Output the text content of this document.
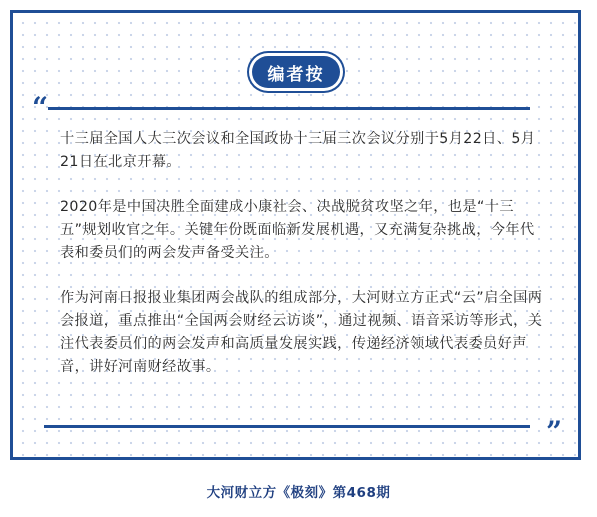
编者按
“

十三届全国人大三次会议和全国政协十三届三次会议分别于5月22日、5月21日在北京开幕。

2020年是中国决胜全面建成小康社会、决战脱贫攻坚之年，也是“十三五”规划收官之年。关键年份既面临新发展机遇，又充满复杂挑战，今年代表和委员们的两会发声备受关注。

作为河南日报报业集团两会战队的组成部分，大河财立方正式“云”启全国两会报道，重点推出“全国两会财经云访谈”，通过视频、语音采访等形式，关注代表委员们的两会发声和高质量发展实践，传递经济领域代表委员好声音，讲好河南财经故事。

”
大河财立方《极刻》第468期
